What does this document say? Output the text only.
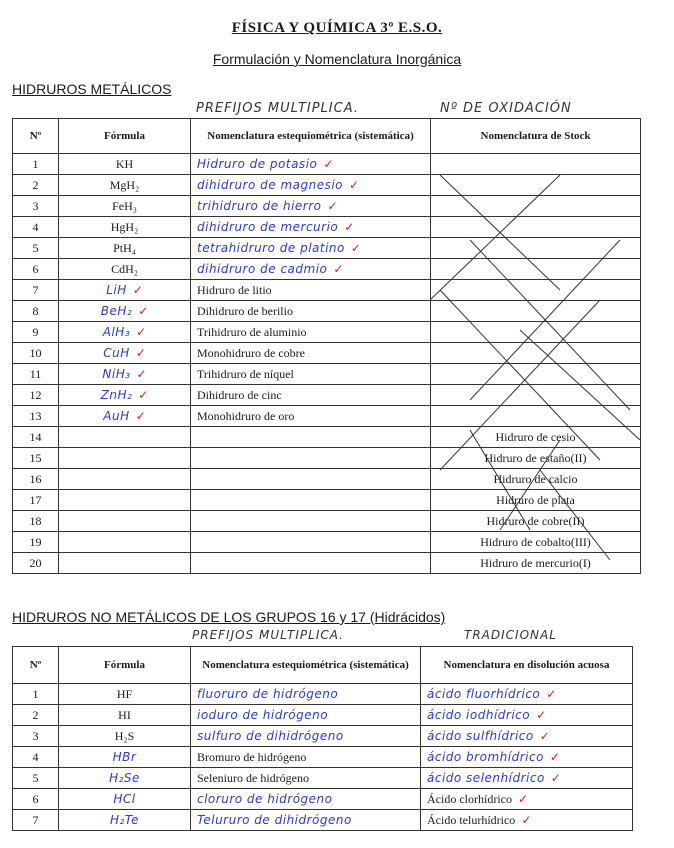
FÍSICA Y QUÍMICA 3º E.S.O.
Formulación y Nomenclatura Inorgánica
HIDRUROS METÁLICOS
PREFIJOS MULTIPLICA.	Nº DE OXIDACIÓN
Nº	Fórmula	Nomenclatura estequiométrica (sistemática)	Nomenclatura de Stock
1	KH	Hidruro de potasio ✓	
2	MgH₂	dihidruro de magnesio ✓	
3	FeH₃	trihidruro de hierro ✓	
4	HgH₂	dihidruro de mercurio ✓	
5	PtH₄	tetrahidruro de platino ✓	
6	CdH₂	dihidruro de cadmio ✓	
7	LiH ✓	Hidruro de litio	
8	BeH₂ ✓	Dihidruro de berilio	
9	AlH₃ ✓	Trihidruro de aluminio	
10	CuH ✓	Monohidruro de cobre	
11	NiH₃ ✓	Trihidruro de níquel	
12	ZnH₂ ✓	Dihidruro de cinc	
13	AuH ✓	Monohidruro de oro	
14			Hidruro de cesio
15			Hidruro de estaño(II)
16			Hidruro de calcio
17			Hidruro de plata
18			Hidruro de cobre(II)
19			Hidruro de cobalto(III)
20			Hidruro de mercurio(I)
HIDRUROS NO METÁLICOS DE LOS GRUPOS 16 y 17 (Hidrácidos)
PREFIJOS MULTIPLICA.	TRADICIONAL
Nº	Fórmula	Nomenclatura estequiométrica (sistemática)	Nomenclatura en disolución acuosa
1	HF	fluoruro de hidrógeno	ácido fluorhídrico ✓
2	HI	ioduro de hidrógeno	ácido iodhídrico ✓
3	H₂S	sulfuro de dihidrógeno	ácido sulfhídrico ✓
4	HBr	Bromuro de hidrógeno	ácido bromhídrico ✓
5	H₂Se	Seleniuro de hidrógeno	ácido selenhídrico ✓
6	HCl	cloruro de hidrógeno	Ácido clorhídrico ✓
7	H₂Te	Telururo de dihidrógeno	Ácido telurhídrico ✓
